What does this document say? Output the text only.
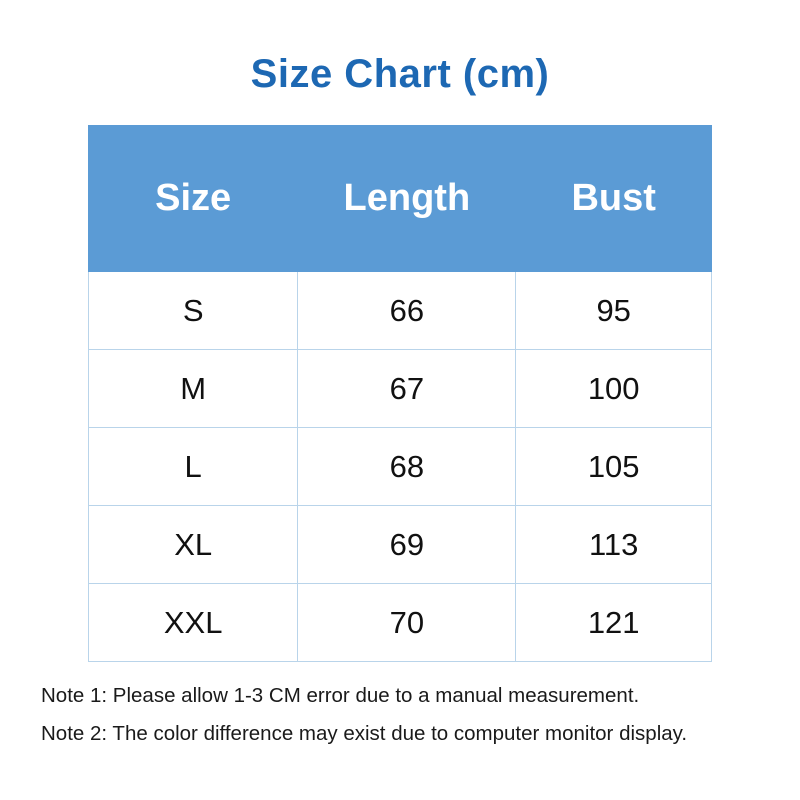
Size Chart (cm)
Size	Length	Bust
S	66	95
M	67	100
L	68	105
XL	69	113
XXL	70	121
Note 1: Please allow 1-3 CM error due to a manual measurement.
Note 2: The color difference may exist due to computer monitor display.
